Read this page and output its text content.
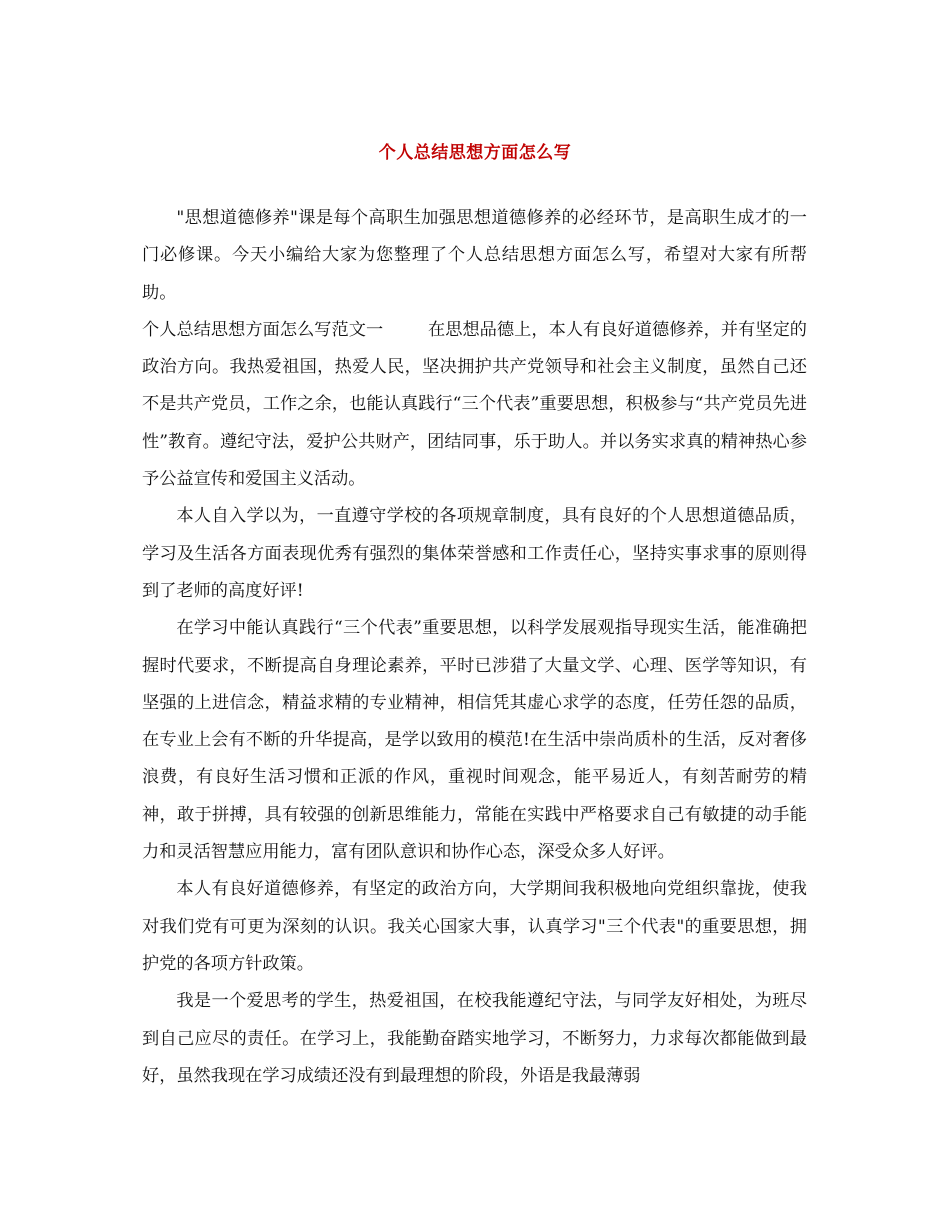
个人总结思想方面怎么写

"思想道德修养"课是每个高职生加强思想道德修养的必经环节，是高职生成才的一门必修课。今天小编给大家为您整理了个人总结思想方面怎么写，希望对大家有所帮助。

个人总结思想方面怎么写范文一	在思想品德上，本人有良好道德修养，并有坚定的政治方向。我热爱祖国，热爱人民，坚决拥护共产党领导和社会主义制度，虽然自己还不是共产党员，工作之余，也能认真践行“三个代表”重要思想，积极参与“共产党员先进性”教育。遵纪守法，爱护公共财产，团结同事，乐于助人。并以务实求真的精神热心参予公益宣传和爱国主义活动。

本人自入学以为，一直遵守学校的各项规章制度，具有良好的个人思想道德品质，学习及生活各方面表现优秀有强烈的集体荣誉感和工作责任心，坚持实事求事的原则得到了老师的高度好评!

在学习中能认真践行“三个代表”重要思想，以科学发展观指导现实生活，能准确把握时代要求，不断提高自身理论素养，平时已涉猎了大量文学、心理、医学等知识，有坚强的上进信念，精益求精的专业精神，相信凭其虚心求学的态度，任劳任怨的品质，在专业上会有不断的升华提高，是学以致用的模范!在生活中崇尚质朴的生活，反对奢侈浪费，有良好生活习惯和正派的作风，重视时间观念，能平易近人，有刻苦耐劳的精神，敢于拼搏，具有较强的创新思维能力，常能在实践中严格要求自己有敏捷的动手能力和灵活智慧应用能力，富有团队意识和协作心态，深受众多人好评。

本人有良好道德修养，有坚定的政治方向，大学期间我积极地向党组织靠拢，使我对我们党有可更为深刻的认识。我关心国家大事，认真学习"三个代表"的重要思想，拥护党的各项方针政策。

我是一个爱思考的学生，热爱祖国，在校我能遵纪守法，与同学友好相处，为班尽到自己应尽的责任。在学习上，我能勤奋踏实地学习，不断努力，力求每次都能做到最好，虽然我现在学习成绩还没有到最理想的阶段，外语是我最薄弱
